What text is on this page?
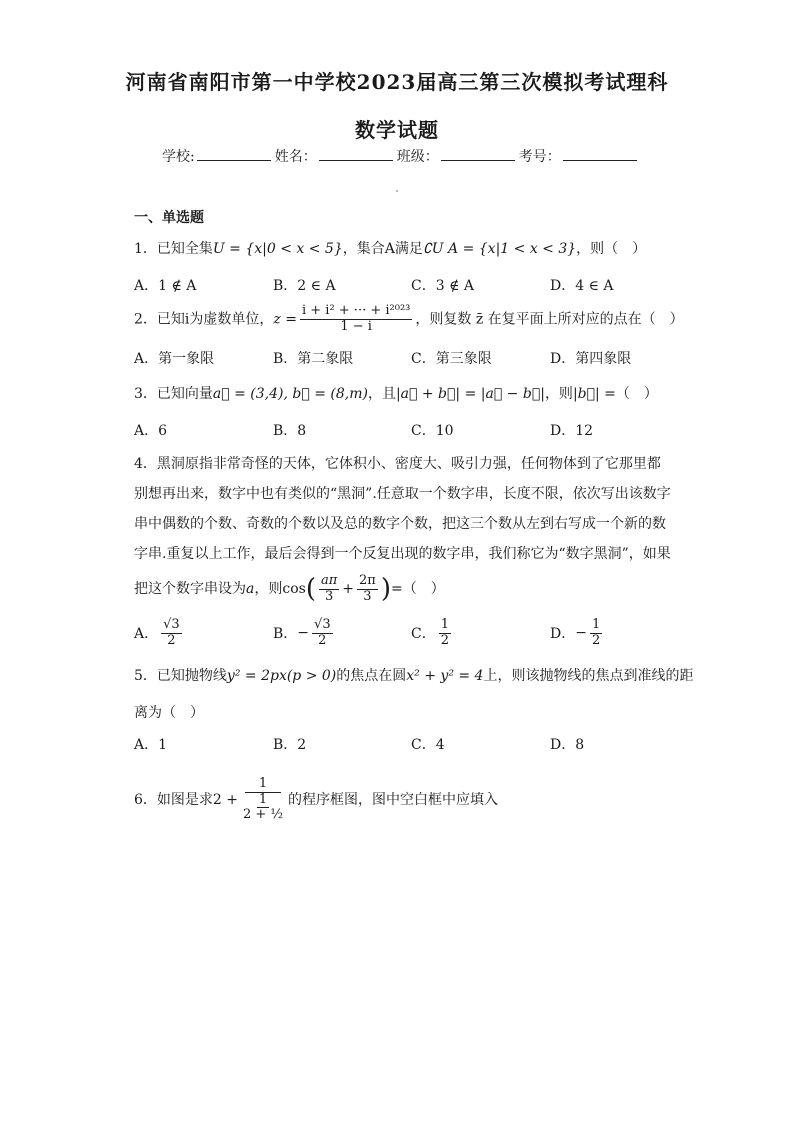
河南省南阳市第一中学校2023届高三第三次模拟考试理科
数学试题
学校:	姓名：	班级：	考号：
一、单选题
1．已知全集U = {x|0 < x < 5}，集合A满足∁U A = {x|1 < x < 3}，则（　）
A．1 ∉ A	B．2 ∈ A	C．3 ∉ A	D．4 ∈ A
2．已知i为虚数单位，$z = \frac{\text{i + i² + ··· + i²⁰²³}}{1 - i}$ ，则复数 z̄ 在复平面上所对应的点在（　）
A．第一象限	B．第二象限	C．第三象限	D．第四象限
3．已知向量a⃗ = (3,4), b⃗ = (8,m)，且|a⃗ + b⃗| = |a⃗ − b⃗|，则|b⃗| =（　）
A．6	B．8	C．10	D．12
4．黑洞原指非常奇怪的天体，它体积小、密度大、吸引力强，任何物体到了它那里都
别想再出来，数字中也有类似的“黑洞”.任意取一个数字串，长度不限，依次写出该数字
串中偶数的个数、奇数的个数以及总的数字个数，把这三个数从左到右写成一个新的数
字串.重复以上工作，最后会得到一个反复出现的数字串，我们称它为“数字黑洞”，如果
把这个数字串设为 a ，则 cos ( $\frac{a\pi}{3} + \frac{2\pi}{3}$ ) =（　）
A． $\frac{√3}{2}$	B． − $\frac{√3}{2}$	C． $\frac{1}{2}$	D． − $\frac{1}{2}$
5．已知抛物线y² = 2px(p > 0)的焦点在圆x² + y² = 4上，则该抛物线的焦点到准线的距
离为（　）
A．1	B．2	C．4	D．8
6．如图是求 $2 + \frac{1}{\frac{1}{\text{2 + ½}}}$ 的程序框图，图中空白框中应填入
